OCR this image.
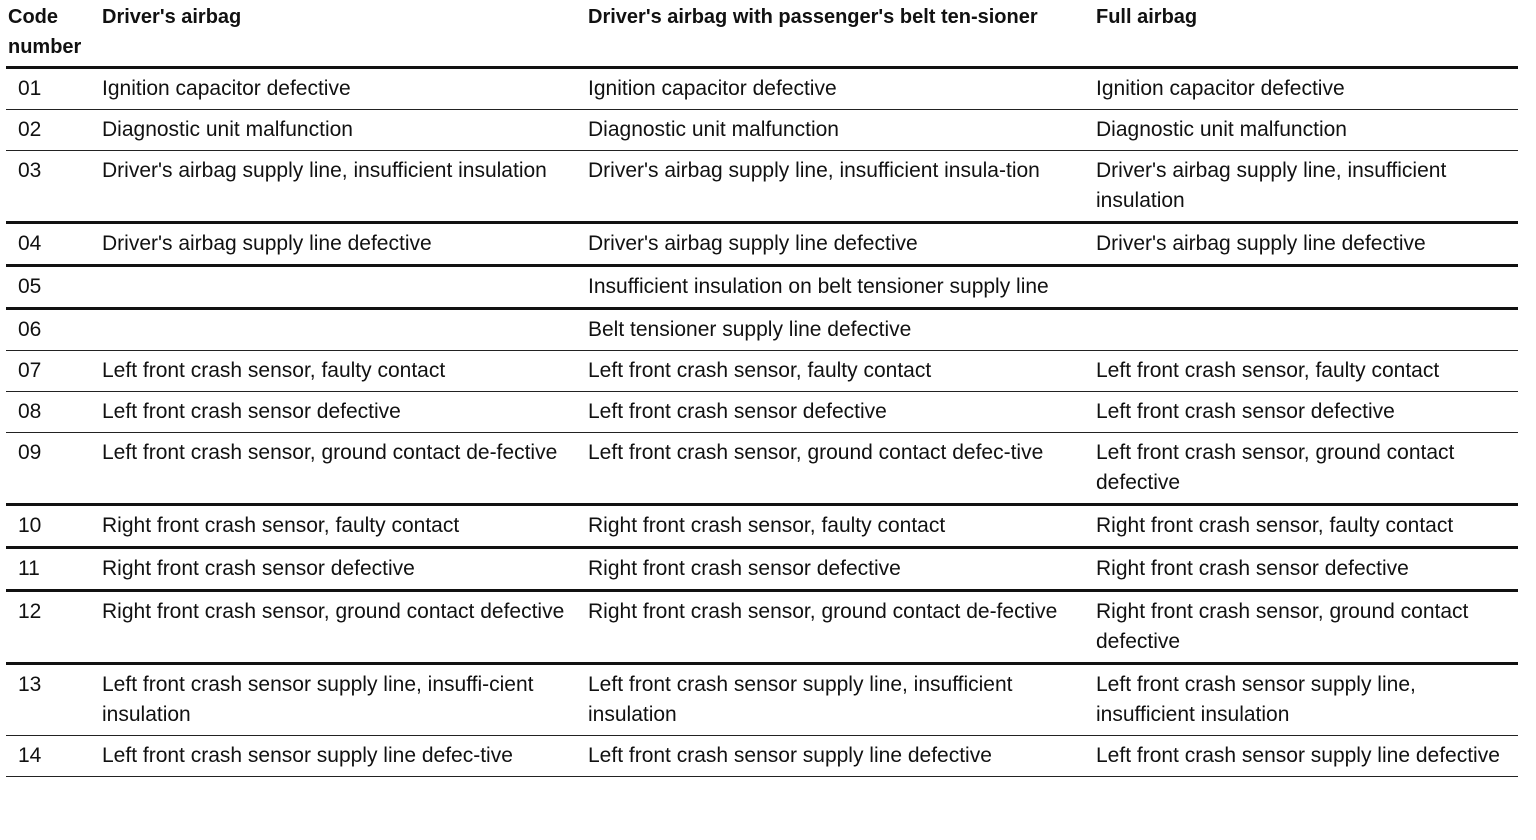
Code number	Driver's airbag	Driver's airbag with passenger's belt ten-sioner	Full airbag
01	Ignition capacitor defective	Ignition capacitor defective	Ignition capacitor defective
02	Diagnostic unit malfunction	Diagnostic unit malfunction	Diagnostic unit malfunction
03	Driver's airbag supply line, insufficient insulation	Driver's airbag supply line, insufficient insula-tion	Driver's airbag supply line, insufficient insulation
04	Driver's airbag supply line defective	Driver's airbag supply line defective	Driver's airbag supply line defective
05		Insufficient insulation on belt tensioner supply line	
06		Belt tensioner supply line defective	
07	Left front crash sensor, faulty contact	Left front crash sensor, faulty contact	Left front crash sensor, faulty contact
08	Left front crash sensor defective	Left front crash sensor defective	Left front crash sensor defective
09	Left front crash sensor, ground contact de-fective	Left front crash sensor, ground contact defec-tive	Left front crash sensor, ground contact defective
10	Right front crash sensor, faulty contact	Right front crash sensor, faulty contact	Right front crash sensor, faulty contact
11	Right front crash sensor defective	Right front crash sensor defective	Right front crash sensor defective
12	Right front crash sensor, ground contact defective	Right front crash sensor, ground contact de-fective	Right front crash sensor, ground contact defective
13	Left front crash sensor supply line, insuffi-cient insulation	Left front crash sensor supply line, insufficient insulation	Left front crash sensor supply line, insufficient insulation
14	Left front crash sensor supply line defec-tive	Left front crash sensor supply line defective	Left front crash sensor supply line defective
